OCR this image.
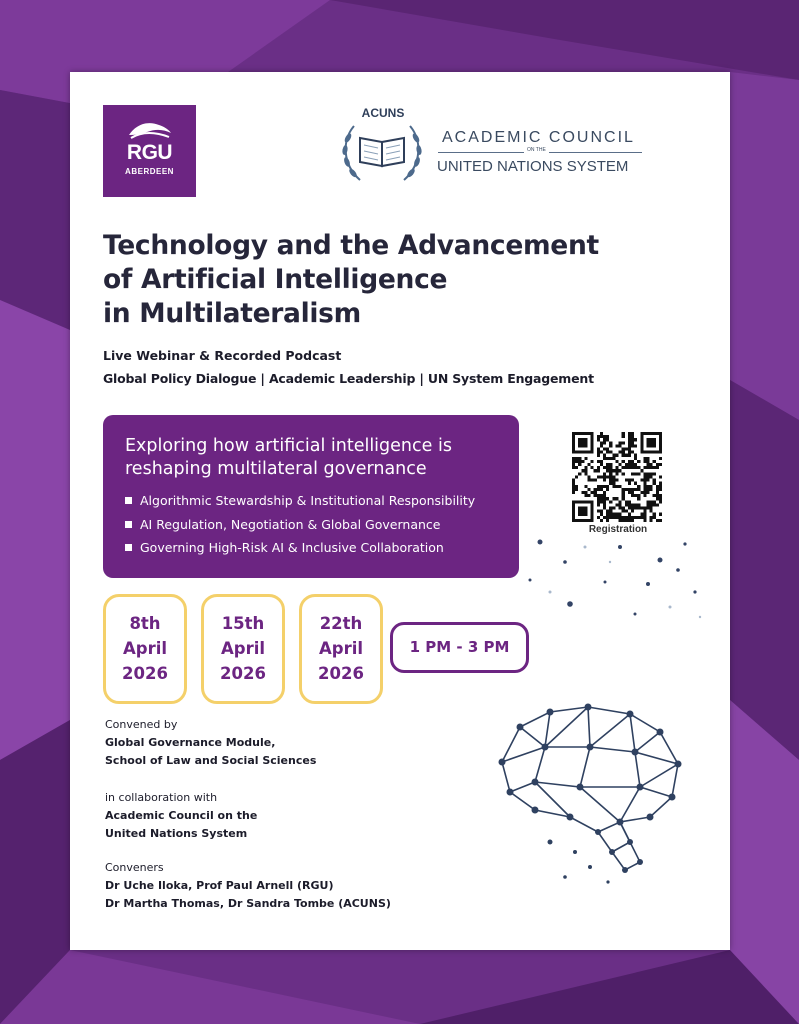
RGU
ABERDEEN
ACUNS
ACADEMIC COUNCIL
ON THE
UNITED NATIONS SYSTEM
Technology and the Advancement
of Artificial Intelligence
in Multilateralism
Live Webinar & Recorded Podcast
Global Policy Dialogue | Academic Leadership | UN System Engagement
Exploring how artificial intelligence is
reshaping multilateral governance
Algorithmic Stewardship & Institutional Responsibility
AI Regulation, Negotiation & Global Governance
Governing High-Risk AI & Inclusive Collaboration
Registration
8th
April
2026
15th
April
2026
22th
April
2026
1 PM - 3 PM
Convened by
Global Governance Module,
School of Law and Social Sciences
in collaboration with
Academic Council on the
United Nations System
Conveners
Dr Uche Iloka, Prof Paul Arnell (RGU)
Dr Martha Thomas, Dr Sandra Tombe (ACUNS)
